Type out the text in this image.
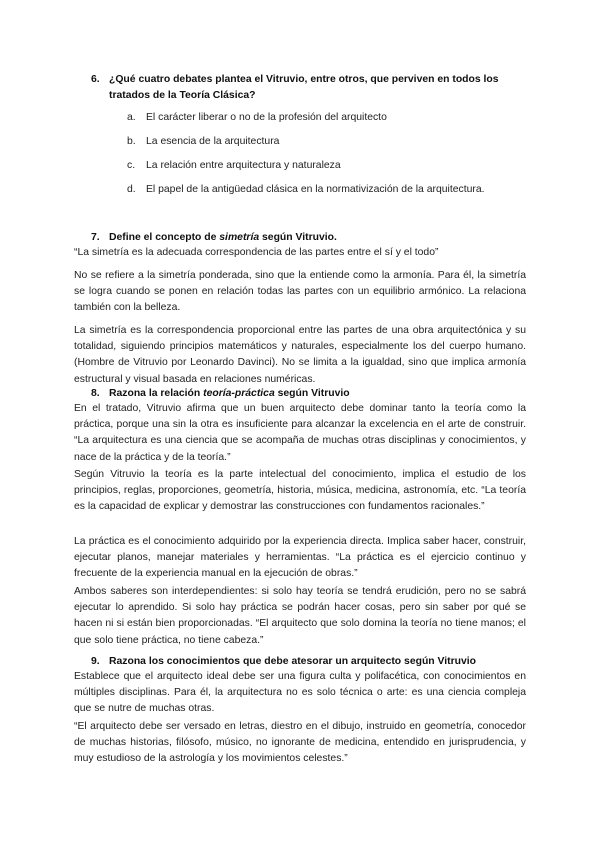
6. ¿Qué cuatro debates plantea el Vitruvio, entre otros, que perviven en todos los
tratados de la Teoría Clásica?
a. El carácter liberar o no de la profesión del arquitecto
b. La esencia de la arquitectura
c. La relación entre arquitectura y naturaleza
d. El papel de la antigüedad clásica en la normativización de la arquitectura.
7. Define el concepto de simetría según Vitruvio.

“La simetría es la adecuada correspondencia de las partes entre el sí y el todo”

No se refiere a la simetría ponderada, sino que la entiende como la armonía. Para él, la simetría se logra cuando se ponen en relación todas las partes con un equilibrio armónico. La relaciona también con la belleza.

La simetría es la correspondencia proporcional entre las partes de una obra arquitectónica y su totalidad, siguiendo principios matemáticos y naturales, especialmente los del cuerpo humano. (Hombre de Vitruvio por Leonardo Davinci). No se limita a la igualdad, sino que implica armonía estructural y visual basada en relaciones numéricas.

8. Razona la relación teoría-práctica según Vitruvio

En el tratado, Vitruvio afirma que un buen arquitecto debe dominar tanto la teoría como la práctica, porque una sin la otra es insuficiente para alcanzar la excelencia en el arte de construir. “La arquitectura es una ciencia que se acompaña de muchas otras disciplinas y conocimientos, y nace de la práctica y de la teoría.”

Según Vitruvio la teoría es la parte intelectual del conocimiento, implica el estudio de los principios, reglas, proporciones, geometría, historia, música, medicina, astronomía, etc. “La teoría es la capacidad de explicar y demostrar las construcciones con fundamentos racionales.”

La práctica es el conocimiento adquirido por la experiencia directa. Implica saber hacer, construir, ejecutar planos, manejar materiales y herramientas. “La práctica es el ejercicio continuo y frecuente de la experiencia manual en la ejecución de obras.”

Ambos saberes son interdependientes: si solo hay teoría se tendrá erudición, pero no se sabrá ejecutar lo aprendido. Si solo hay práctica se podrán hacer cosas, pero sin saber por qué se hacen ni si están bien proporcionadas. “El arquitecto que solo domina la teoría no tiene manos; el que solo tiene práctica, no tiene cabeza.”

9. Razona los conocimientos que debe atesorar un arquitecto según Vitruvio

Establece que el arquitecto ideal debe ser una figura culta y polifacética, con conocimientos en múltiples disciplinas. Para él, la arquitectura no es solo técnica o arte: es una ciencia compleja que se nutre de muchas otras.

“El arquitecto debe ser versado en letras, diestro en el dibujo, instruido en geometría, conocedor de muchas historias, filósofo, músico, no ignorante de medicina, entendido en jurisprudencia, y muy estudioso de la astrología y los movimientos celestes.”
